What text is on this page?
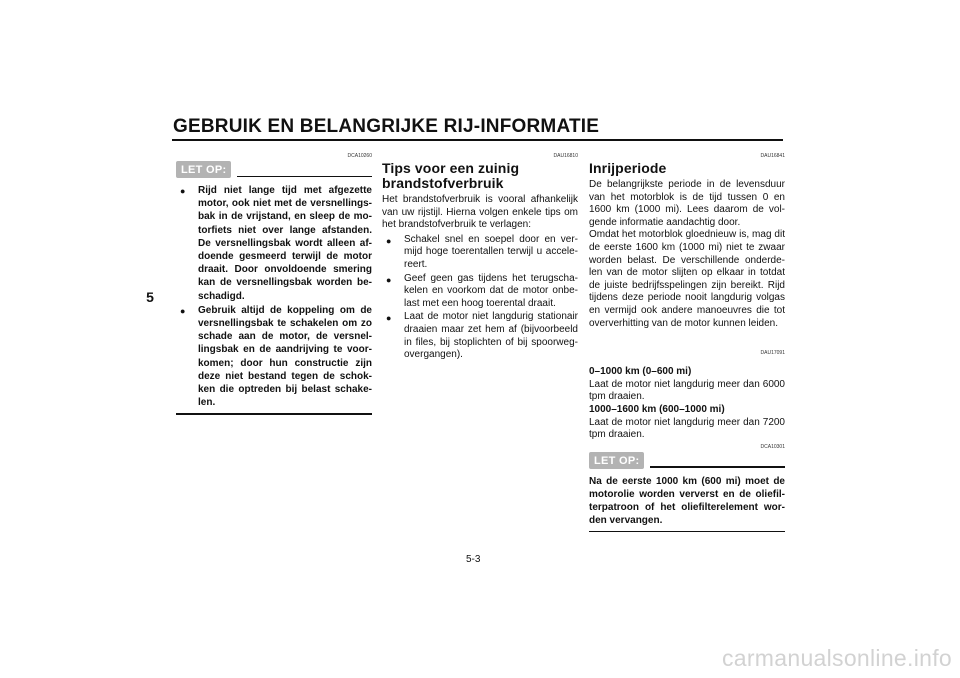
GEBRUIK EN BELANGRIJKE RIJ-INFORMATIE
5
DCA10260
LET OP:
● Rijd niet lange tijd met afgezette motor, ook niet met de versnellings-bak in de vrijstand, en sleep de mo-torfiets niet over lange afstanden. De versnellingsbak wordt alleen af-doende gesmeerd terwijl de motor draait. Door onvoldoende smering kan de versnellingsbak worden be-schadigd.
● Gebruik altijd de koppeling om de versnellingsbak te schakelen om zo schade aan de motor, de versnel-lingsbak en de aandrijving te voor-komen; door hun constructie zijn deze niet bestand tegen de schok-ken die optreden bij belast schake-len.
DAU16810
Tips voor een zuinig brandstofverbruik

Het brandstofverbruik is vooral afhankelijk van uw rijstijl. Hierna volgen enkele tips om het brandstofverbruik te verlagen:

● Schakel snel en soepel door en ver-mijd hoge toerentallen terwijl u accele-reert.
● Geef geen gas tijdens het terugscha-kelen en voorkom dat de motor onbe-last met een hoog toerental draait.
● Laat de motor niet langdurig stationair draaien maar zet hem af (bijvoorbeeld in files, bij stoplichten of bij spoorweg-overgangen).
DAU16841
Inrijperiode

De belangrijkste periode in de levensduur van het motorblok is de tijd tussen 0 en 1600 km (1000 mi). Lees daarom de vol-gende informatie aandachtig door.

Omdat het motorblok gloednieuw is, mag dit de eerste 1600 km (1000 mi) niet te zwaar worden belast. De verschillende onderde-len van de motor slijten op elkaar in totdat de juiste bedrijfsspelingen zijn bereikt. Rijd tijdens deze periode nooit langdurig volgas en vermijd ook andere manoeuvres die tot oververhitting van de motor kunnen leiden.

DAU17091

0–1000 km (0–600 mi)

Laat de motor niet langdurig meer dan 6000 tpm draaien.

1000–1600 km (600–1000 mi)

Laat de motor niet langdurig meer dan 7200 tpm draaien.

DCA10301
LET OP:

Na de eerste 1000 km (600 mi) moet de motorolie worden ververst en de oliefil-terpatroon of het oliefilterelement wor-den vervangen.

5-3
carmanualsonline.info
